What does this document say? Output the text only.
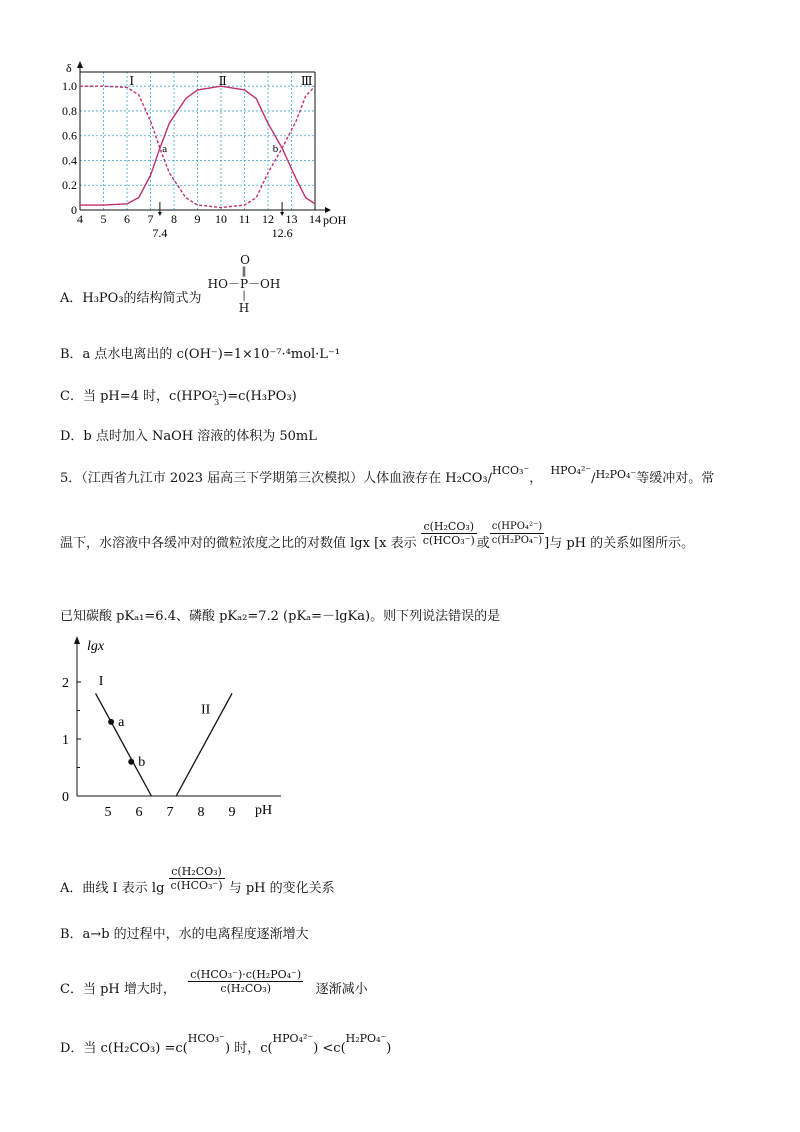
4 5 6 7 8 9 10 11 12 13 14
0
0.2
0.4
0.6
0.8
1.0
δ
pOH
Ⅰ	Ⅱ	Ⅲ
a	b
7.4	12.6
A．H₃PO₃的结构简式为
O
‖
HO－P－OH
|
H
B．a 点水电离出的 c(OH⁻)=1×10⁻⁷·⁴mol·L⁻¹
C．当 pH=4 时，c(HPO 2−
3 )=c(H₃PO₃)
D．b 点时加入 NaOH 溶液的体积为 50mL
5．（江西省九江市 2023 届高三下学期第三次模拟）人体血液存在 H₂CO₃/$^{HCO_3^-}$，  $^{HPO_4^{2-}}$/$^{H_2PO_4^-}$等缓冲对。常
温下，水溶液中各缓冲对的微粒浓度之比的对数值 lgx [x 表示 $\frac{\text{c(H₂CO₃)}}{\text{c(HCO₃⁻)}}$ 或 $\frac{\text{c(HPO₄²⁻)}}{\text{c(H₂PO₄⁻)}}$ ]与 pH 的关系如图所示。
已知碳酸 pKₐ₁=6.4、磷酸 pKₐ₂=7.2 (pKₐ=－lgKa)。则下列说法错误的是
lgx
pH
0
1
2
5 6 7 8 9
I
II
a
b
A．曲线 I 表示 $\lg \frac{\text{c(H₂CO₃)}}{\text{c(HCO₃⁻)}}$ 与 pH 的变化关系
B．a→b 的过程中，水的电离程度逐渐增大
C．当 pH 增大时， $\frac{\text{c(HCO₃⁻)·c(H₂PO₄⁻)}}{\text{c(H₂CO₃)}}$ 逐渐减小
D．当 c(H₂CO₃) =c($^{HCO_3^-}$) 时，c($^{HPO_4^{2-}}$) <c($^{H_2PO_4^-}$)
